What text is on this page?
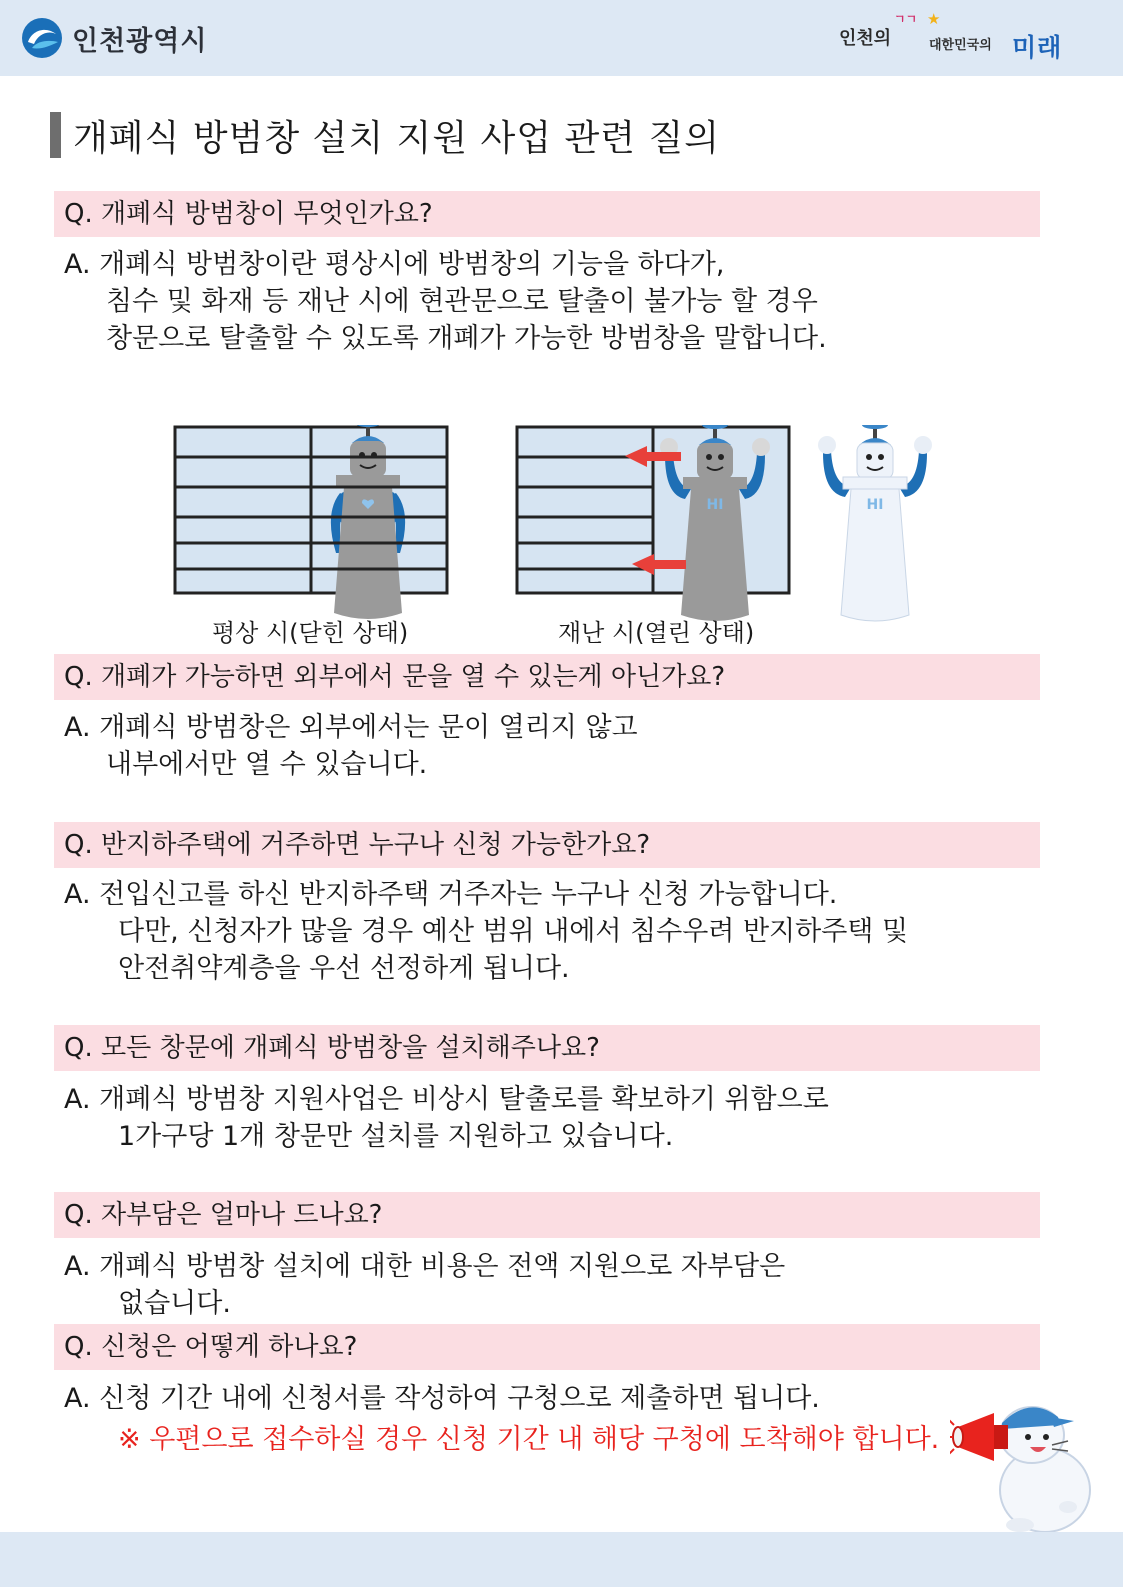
인천광역시	인천의
ㄱㄱ ★
대한민국의 미래
개폐식 방범창 설치 지원 사업 관련 질의
Q. 개폐식 방범창이 무엇인가요?
A. 개폐식 방범창이란 평상시에 방범창의 기능을 하다가,
침수 및 화재 등 재난 시에 현관문으로 탈출이 불가능 할 경우
창문으로 탈출할 수 있도록 개폐가 가능한 방범창을 말합니다.
HI	HI
평상 시(닫힌 상태)	재난 시(열린 상태)
Q. 개폐가 가능하면 외부에서 문을 열 수 있는게 아닌가요?
A. 개폐식 방범창은 외부에서는 문이 열리지 않고
내부에서만 열 수 있습니다.
Q. 반지하주택에 거주하면 누구나 신청 가능한가요?
A. 전입신고를 하신 반지하주택 거주자는 누구나 신청 가능합니다.
다만, 신청자가 많을 경우 예산 범위 내에서 침수우려 반지하주택 및
안전취약계층을 우선 선정하게 됩니다.
Q. 모든 창문에 개폐식 방범창을 설치해주나요?
A. 개폐식 방범창 지원사업은 비상시 탈출로를 확보하기 위함으로
1가구당 1개 창문만 설치를 지원하고 있습니다.
Q. 자부담은 얼마나 드나요?
A. 개폐식 방범창 설치에 대한 비용은 전액 지원으로 자부담은
없습니다.
Q. 신청은 어떻게 하나요?
A. 신청 기간 내에 신청서를 작성하여 구청으로 제출하면 됩니다.
※ 우편으로 접수하실 경우 신청 기간 내 해당 구청에 도착해야 합니다.
